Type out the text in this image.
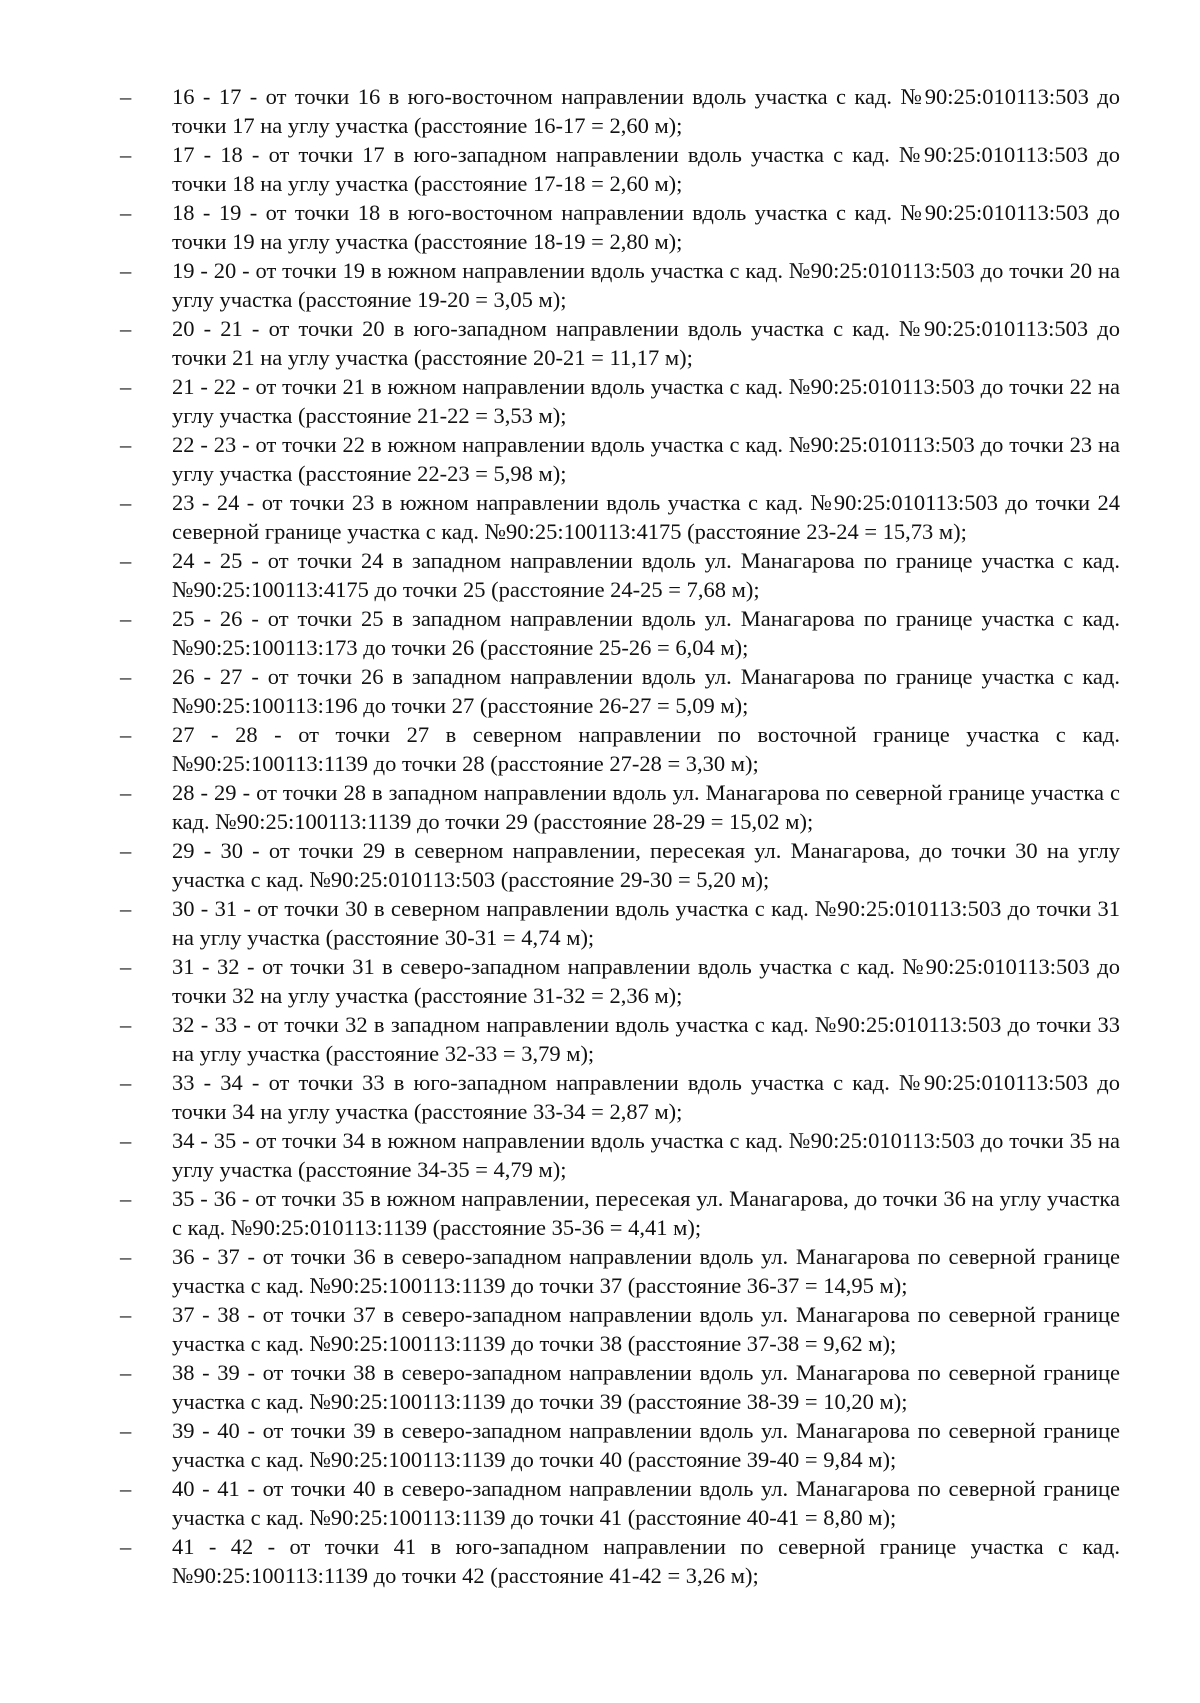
–	16 - 17 - от точки 16 в юго-восточном направлении вдоль участка с кад. №90:25:010113:503 до точки 17 на углу участка (расстояние 16-17 = 2,60 м);
–	17 - 18 - от точки 17 в юго-западном направлении вдоль участка с кад. №90:25:010113:503 до точки 18 на углу участка (расстояние 17-18 = 2,60 м);
–	18 - 19 - от точки 18 в юго-восточном направлении вдоль участка с кад. №90:25:010113:503 до точки 19 на углу участка (расстояние 18-19 = 2,80 м);
–	19 - 20 - от точки 19 в южном направлении вдоль участка с кад. №90:25:010113:503 до точки 20 на углу участка (расстояние 19-20 = 3,05 м);
–	20 - 21 - от точки 20 в юго-западном направлении вдоль участка с кад. №90:25:010113:503 до точки 21 на углу участка (расстояние 20-21 = 11,17 м);
–	21 - 22 - от точки 21 в южном направлении вдоль участка с кад. №90:25:010113:503 до точки 22 на углу участка (расстояние 21-22 = 3,53 м);
–	22 - 23 - от точки 22 в южном направлении вдоль участка с кад. №90:25:010113:503 до точки 23 на углу участка (расстояние 22-23 = 5,98 м);
–	23 - 24 - от точки 23 в южном направлении вдоль участка с кад. №90:25:010113:503 до точки 24 северной границе участка с кад. №90:25:100113:4175 (расстояние 23-24 = 15,73 м);
–	24 - 25 - от точки 24 в западном направлении вдоль ул. Манагарова по границе участка с кад. №90:25:100113:4175 до точки 25 (расстояние 24-25 = 7,68 м);
–	25 - 26 - от точки 25 в западном направлении вдоль ул. Манагарова по границе участка с кад. №90:25:100113:173 до точки 26 (расстояние 25-26 = 6,04 м);
–	26 - 27 - от точки 26 в западном направлении вдоль ул. Манагарова по границе участка с кад. №90:25:100113:196 до точки 27 (расстояние 26-27 = 5,09 м);
–	27 - 28 - от точки 27 в северном направлении по восточной границе участка с кад. №90:25:100113:1139 до точки 28 (расстояние 27-28 = 3,30 м);
–	28 - 29 - от точки 28 в западном направлении вдоль ул. Манагарова по северной границе участка с кад. №90:25:100113:1139 до точки 29 (расстояние 28-29 = 15,02 м);
–	29 - 30 - от точки 29 в северном направлении, пересекая ул. Манагарова, до точки 30 на углу участка с кад. №90:25:010113:503 (расстояние 29-30 = 5,20 м);
–	30 - 31 - от точки 30 в северном направлении вдоль участка с кад. №90:25:010113:503 до точки 31 на углу участка (расстояние 30-31 = 4,74 м);
–	31 - 32 - от точки 31 в северо-западном направлении вдоль участка с кад. №90:25:010113:503 до точки 32 на углу участка (расстояние 31-32 = 2,36 м);
–	32 - 33 - от точки 32 в западном направлении вдоль участка с кад. №90:25:010113:503 до точки 33 на углу участка (расстояние 32-33 = 3,79 м);
–	33 - 34 - от точки 33 в юго-западном направлении вдоль участка с кад. №90:25:010113:503 до точки 34 на углу участка (расстояние 33-34 = 2,87 м);
–	34 - 35 - от точки 34 в южном направлении вдоль участка с кад. №90:25:010113:503 до точки 35 на углу участка (расстояние 34-35 = 4,79 м);
–	35 - 36 - от точки 35 в южном направлении, пересекая ул. Манагарова, до точки 36 на углу участка с кад. №90:25:010113:1139 (расстояние 35-36 = 4,41 м);
–	36 - 37 - от точки 36 в северо-западном направлении вдоль ул. Манагарова по северной границе участка с кад. №90:25:100113:1139 до точки 37 (расстояние 36-37 = 14,95 м);
–	37 - 38 - от точки 37 в северо-западном направлении вдоль ул. Манагарова по северной границе участка с кад. №90:25:100113:1139 до точки 38 (расстояние 37-38 = 9,62 м);
–	38 - 39 - от точки 38 в северо-западном направлении вдоль ул. Манагарова по северной границе участка с кад. №90:25:100113:1139 до точки 39 (расстояние 38-39 = 10,20 м);
–	39 - 40 - от точки 39 в северо-западном направлении вдоль ул. Манагарова по северной границе участка с кад. №90:25:100113:1139 до точки 40 (расстояние 39-40 = 9,84 м);
–	40 - 41 - от точки 40 в северо-западном направлении вдоль ул. Манагарова по северной границе участка с кад. №90:25:100113:1139 до точки 41 (расстояние 40-41 = 8,80 м);
–	41 - 42 - от точки 41 в юго-западном направлении по северной границе участка с кад. №90:25:100113:1139 до точки 42 (расстояние 41-42 = 3,26 м);
